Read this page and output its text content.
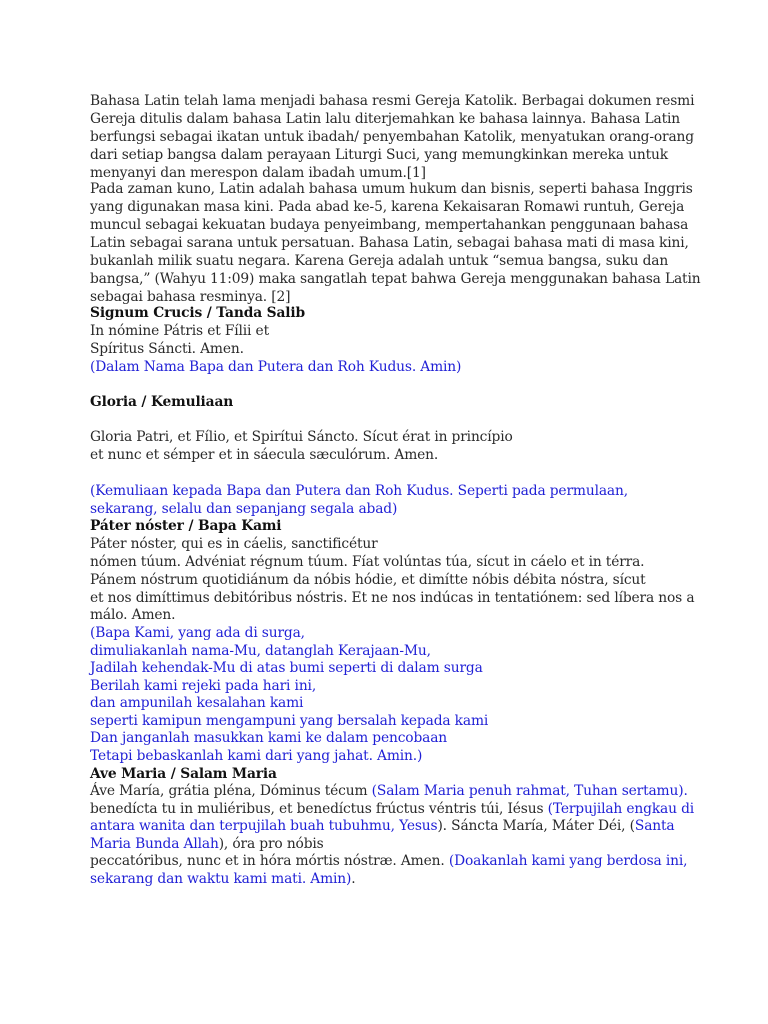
Bahasa Latin telah lama menjadi bahasa resmi Gereja Katolik. Berbagai dokumen resmi
Gereja ditulis dalam bahasa Latin lalu diterjemahkan ke bahasa lainnya. Bahasa Latin
berfungsi sebagai ikatan untuk ibadah/ penyembahan Katolik, menyatukan orang-orang
dari setiap bangsa dalam perayaan Liturgi Suci, yang memungkinkan mereka untuk
menyanyi dan merespon dalam ibadah umum.[1]
Pada zaman kuno, Latin adalah bahasa umum hukum dan bisnis, seperti bahasa Inggris
yang digunakan masa kini. Pada abad ke-5, karena Kekaisaran Romawi runtuh, Gereja
muncul sebagai kekuatan budaya penyeimbang, mempertahankan penggunaan bahasa
Latin sebagai sarana untuk persatuan. Bahasa Latin, sebagai bahasa mati di masa kini,
bukanlah milik suatu negara. Karena Gereja adalah untuk “semua bangsa, suku dan
bangsa,” (Wahyu 11:09) maka sangatlah tepat bahwa Gereja menggunakan bahasa Latin
sebagai bahasa resminya. [2]
Signum Crucis / Tanda Salib
In nómine Pátris et Fílii et
Spíritus Sáncti. Amen.
(Dalam Nama Bapa dan Putera dan Roh Kudus. Amin)
Gloria / Kemuliaan
Gloria Patri, et Fílio, et Spirítui Sáncto. Sícut érat in princípio
et nunc et sémper et in sáecula sæculórum. Amen.
(Kemuliaan kepada Bapa dan Putera dan Roh Kudus. Seperti pada permulaan,
sekarang, selalu dan sepanjang segala abad)
Páter nóster / Bapa Kami
Páter nóster, qui es in cáelis, sanctificétur
nómen túum. Advéniat régnum túum. Fíat volúntas túa, sícut in cáelo et in térra.
Pánem nóstrum quotidiánum da nóbis hódie, et dimítte nóbis débita nóstra, sícut
et nos dimíttimus debitóribus nóstris. Et ne nos indúcas in tentatiónem: sed líbera nos a
málo. Amen.
(Bapa Kami, yang ada di surga,
dimuliakanlah nama-Mu, datanglah Kerajaan-Mu,
Jadilah kehendak-Mu di atas bumi seperti di dalam surga
Berilah kami rejeki pada hari ini,
dan ampunilah kesalahan kami
seperti kamipun mengampuni yang bersalah kepada kami
Dan janganlah masukkan kami ke dalam pencobaan
Tetapi bebaskanlah kami dari yang jahat. Amin.)
Ave Maria / Salam Maria
Áve María, grátia pléna, Dóminus técum (Salam Maria penuh rahmat, Tuhan sertamu).
benedícta tu in muliéribus, et benedíctus frúctus véntris túi, Iésus (Terpujilah engkau di
antara wanita dan terpujilah buah tubuhmu, Yesus). Sáncta María, Máter Déi, (Santa
Maria Bunda Allah), óra pro nóbis
peccatóribus, nunc et in hóra mórtis nóstræ. Amen. (Doakanlah kami yang berdosa ini,
sekarang dan waktu kami mati. Amin).
